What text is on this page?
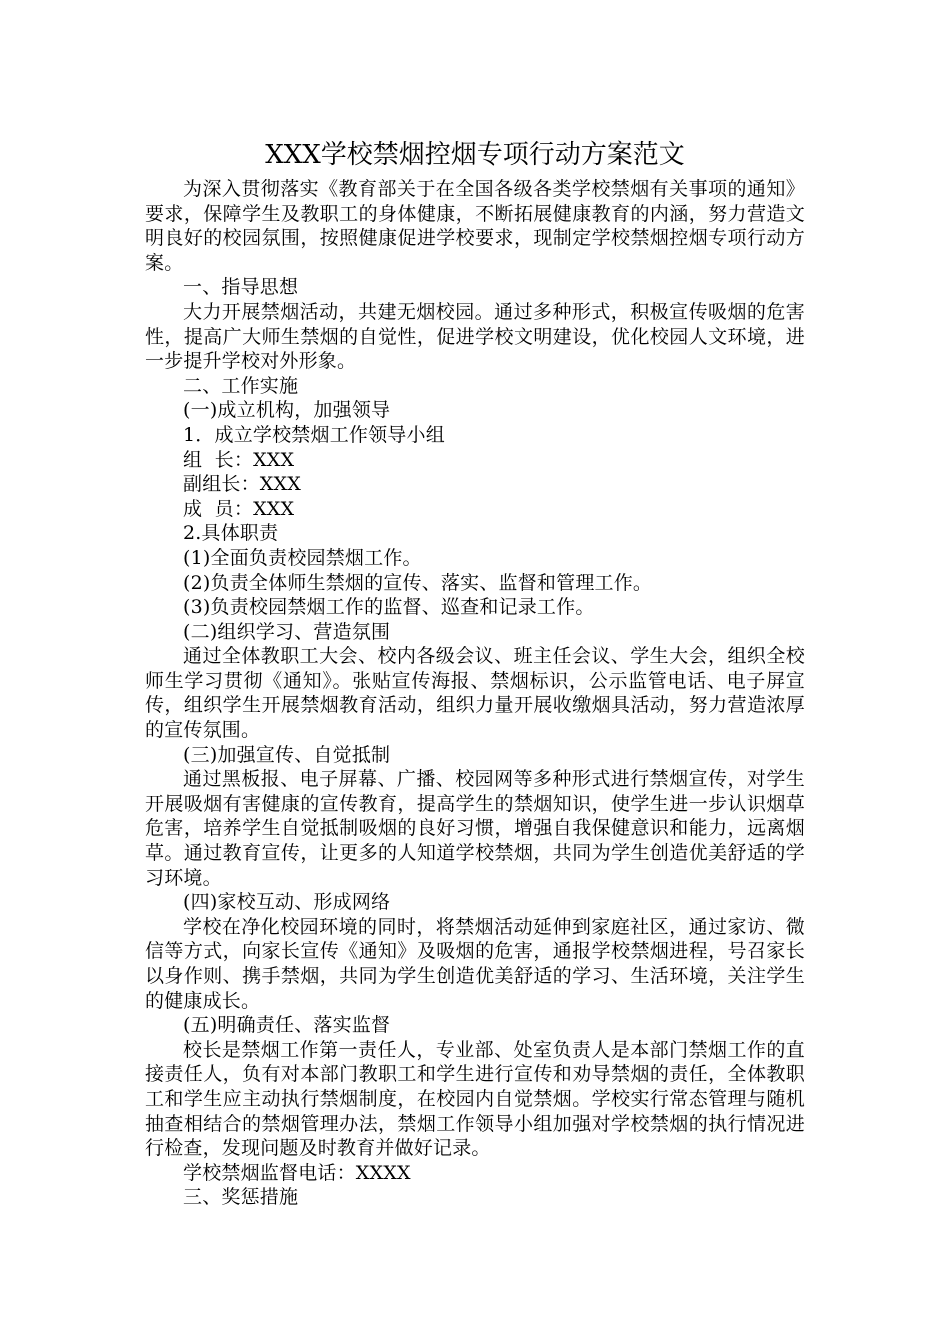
XXX学校禁烟控烟专项行动方案范文

为深入贯彻落实《教育部关于在全国各级各类学校禁烟有关事项的通知》要求，保障学生及教职工的身体健康，不断拓展健康教育的内涵，努力营造文明良好的校园氛围，按照健康促进学校要求，现制定学校禁烟控烟专项行动方案。

一、指导思想

大力开展禁烟活动，共建无烟校园。通过多种形式，积极宣传吸烟的危害性，提高广大师生禁烟的自觉性，促进学校文明建设，优化校园人文环境，进一步提升学校对外形象。

二、工作实施

(一)成立机构，加强领导

1．成立学校禁烟工作领导小组

组  长：XXX

副组长：XXX

成  员：XXX

2.具体职责

(1)全面负责校园禁烟工作。

(2)负责全体师生禁烟的宣传、落实、监督和管理工作。

(3)负责校园禁烟工作的监督、巡查和记录工作。

(二)组织学习、营造氛围

通过全体教职工大会、校内各级会议、班主任会议、学生大会，组织全校师生学习贯彻《通知》。张贴宣传海报、禁烟标识，公示监管电话、电子屏宣传，组织学生开展禁烟教育活动，组织力量开展收缴烟具活动，努力营造浓厚的宣传氛围。

(三)加强宣传、自觉抵制

通过黑板报、电子屏幕、广播、校园网等多种形式进行禁烟宣传，对学生开展吸烟有害健康的宣传教育，提高学生的禁烟知识，使学生进一步认识烟草危害，培养学生自觉抵制吸烟的良好习惯，增强自我保健意识和能力，远离烟草。通过教育宣传，让更多的人知道学校禁烟，共同为学生创造优美舒适的学习环境。

(四)家校互动、形成网络

学校在净化校园环境的同时，将禁烟活动延伸到家庭社区，通过家访、微信等方式，向家长宣传《通知》及吸烟的危害，通报学校禁烟进程，号召家长以身作则、携手禁烟，共同为学生创造优美舒适的学习、生活环境，关注学生的健康成长。

(五)明确责任、落实监督

校长是禁烟工作第一责任人，专业部、处室负责人是本部门禁烟工作的直接责任人，负有对本部门教职工和学生进行宣传和劝导禁烟的责任，全体教职工和学生应主动执行禁烟制度，在校园内自觉禁烟。学校实行常态管理与随机抽查相结合的禁烟管理办法，禁烟工作领导小组加强对学校禁烟的执行情况进行检查，发现问题及时教育并做好记录。

学校禁烟监督电话：XXXX

三、奖惩措施
